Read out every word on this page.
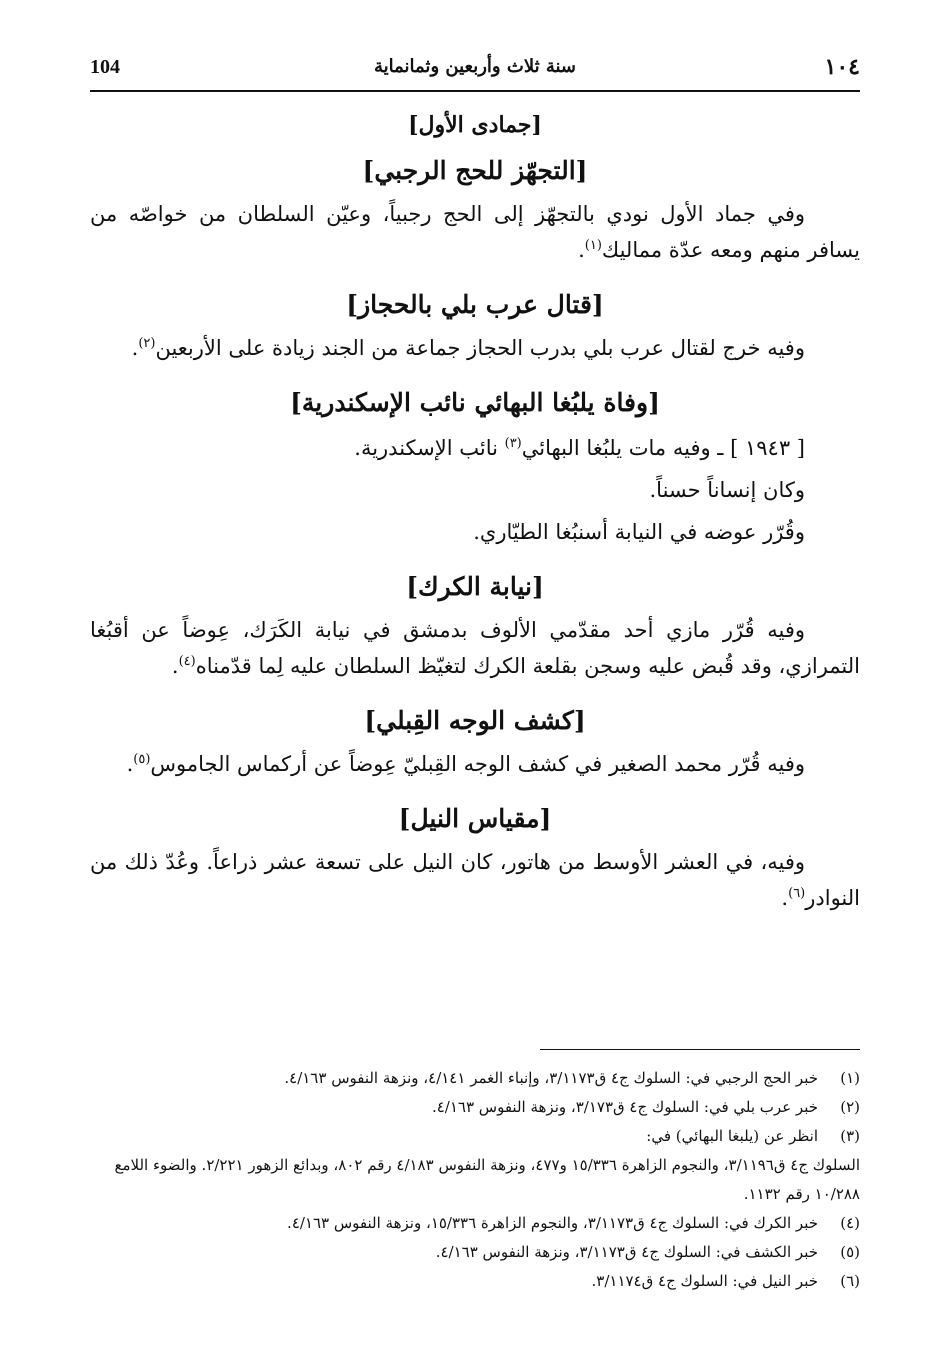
104	سنة ثلاث وأربعين وثمانماية	١٠٤
[جمادى الأول]
[التجهّز للحج الرجبي]

وفي جماد الأول نودي بالتجهّز إلى الحج رجبياً، وعيّن السلطان من خواصّه من يسافر منهم ومعه عدّة مماليك$^{(١)}$.

[قتال عرب بلي بالحجاز]

وفيه خرج لقتال عرب بلي بدرب الحجاز جماعة من الجند زيادة على الأربعين$^{(٢)}$.

[وفاة يلبُغا البهائي نائب الإسكندرية]

[ ١٩٤٣ ] ـ وفيه مات يلبُغا البهائي$^{(٣)}$ نائب الإسكندرية.

وكان إنساناً حسناً.

وقُرّر عوضه في النيابة أسنبُغا الطيّاري.

[نيابة الكرك]

وفيه قُرّر مازي أحد مقدّمي الألوف بدمشق في نيابة الكَرَك، عِوضاً عن أقبُغا التمرازي، وقد قُبض عليه وسجن بقلعة الكرك لتغيّظ السلطان عليه لِما قدّمناه$^{(٤)}$.

[كشف الوجه القِبلي]

وفيه قُرّر محمد الصغير في كشف الوجه القِبليّ عِوضاً عن أركماس الجاموس$^{(٥)}$.

[مقياس النيل]

وفيه، في العشر الأوسط من هاتور، كان النيل على تسعة عشر ذراعاً. وعُدّ ذلك من النوادر$^{(٦)}$.

(١)
خبر الحج الرجبي في: السلوك ج٤ ق٣/١١٧٣، وإنباء الغمر ٤/١٤١، ونزهة النفوس ٤/١٦٣.

(٢)
خبر عرب بلي في: السلوك ج٤ ق٣/١٧٣، ونزهة النفوس ٤/١٦٣.

(٣)
انظر عن (يلبغا البهائي) في:

السلوك ج٤ ق٣/١١٩٦، والنجوم الزاهرة ١٥/٣٣٦ و٤٧٧، ونزهة النفوس ٤/١٨٣ رقم ٨٠٢، وبدائع الزهور ٢/٢٢١. والضوء اللامع ١٠/٢٨٨ رقم ١١٣٢.

(٤)
خبر الكرك في: السلوك ج٤ ق٣/١١٧٣، والنجوم الزاهرة ١٥/٣٣٦، ونزهة النفوس ٤/١٦٣.

(٥)
خبر الكشف في: السلوك ج٤ ق٣/١١٧٣، ونزهة النفوس ٤/١٦٣.

(٦)
خبر النيل في: السلوك ج٤ ق٣/١١٧٤.
